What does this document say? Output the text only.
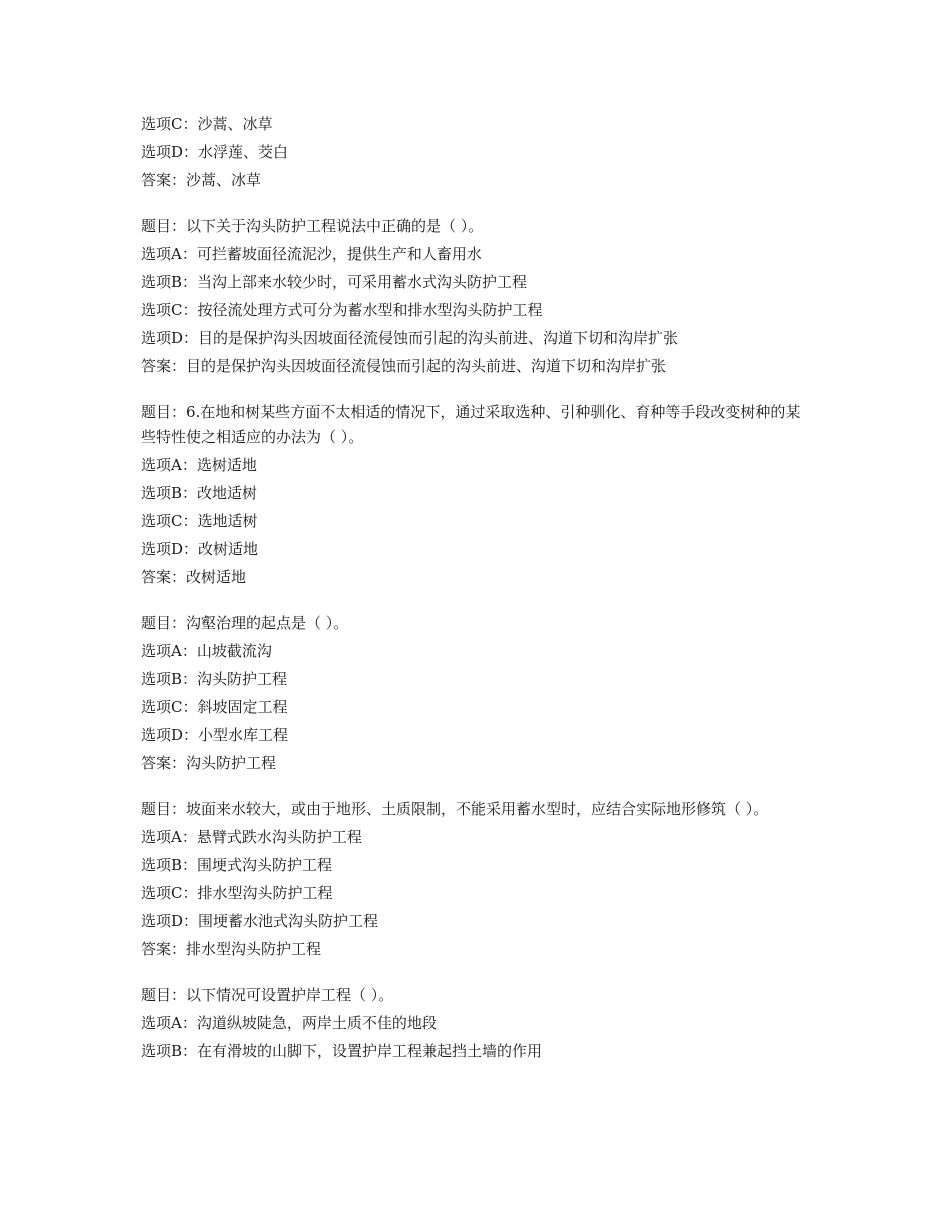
选项C：沙蒿、冰草
选项D：水浮莲、茭白
答案：沙蒿、冰草
题目：以下关于沟头防护工程说法中正确的是（ ）。
选项A：可拦蓄坡面径流泥沙，提供生产和人畜用水
选项B：当沟上部来水较少时，可采用蓄水式沟头防护工程
选项C：按径流处理方式可分为蓄水型和排水型沟头防护工程
选项D：目的是保护沟头因坡面径流侵蚀而引起的沟头前进、沟道下切和沟岸扩张
答案：目的是保护沟头因坡面径流侵蚀而引起的沟头前进、沟道下切和沟岸扩张
题目：6.在地和树某些方面不太相适的情况下，通过采取选种、引种驯化、育种等手段改变树种的某些特性使之相适应的办法为（ ）。
选项A：选树适地
选项B：改地适树
选项C：选地适树
选项D：改树适地
答案：改树适地
题目：沟壑治理的起点是（ ）。
选项A：山坡截流沟
选项B：沟头防护工程
选项C：斜坡固定工程
选项D：小型水库工程
答案：沟头防护工程
题目：坡面来水较大，或由于地形、土质限制，不能采用蓄水型时，应结合实际地形修筑（ ）。
选项A：悬臂式跌水沟头防护工程
选项B：围埂式沟头防护工程
选项C：排水型沟头防护工程
选项D：围埂蓄水池式沟头防护工程
答案：排水型沟头防护工程
题目：以下情况可设置护岸工程（ ）。
选项A：沟道纵坡陡急，两岸土质不佳的地段
选项B：在有滑坡的山脚下，设置护岸工程兼起挡土墙的作用
